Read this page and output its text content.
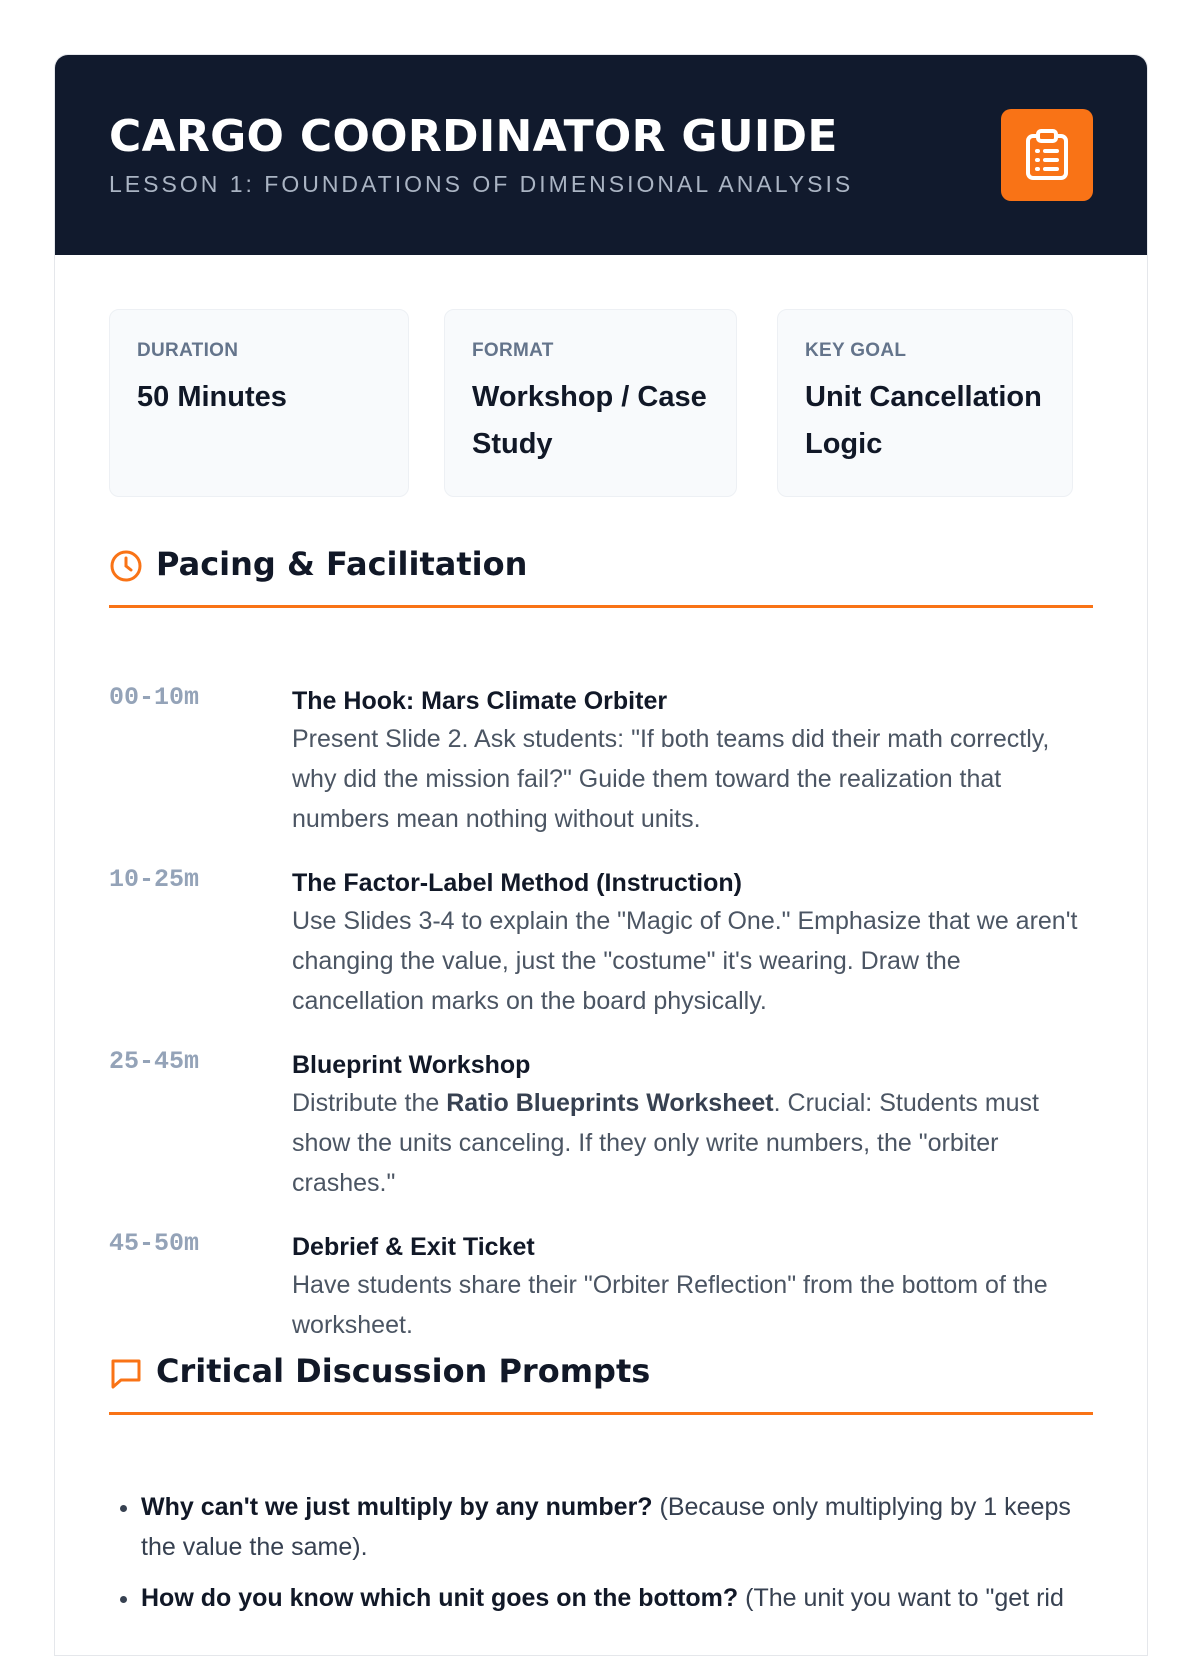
CARGO COORDINATOR GUIDE
LESSON 1: FOUNDATIONS OF DIMENSIONAL ANALYSIS
DURATION
50 Minutes
FORMAT
Workshop / Case Study
KEY GOAL
Unit Cancellation Logic
Pacing & Facilitation
00-10m	The Hook: Mars Climate Orbiter
Present Slide 2. Ask students: "If both teams did their math correctly, why did the mission fail?" Guide them toward the realization that numbers mean nothing without units.
10-25m	The Factor-Label Method (Instruction)
Use Slides 3-4 to explain the "Magic of One." Emphasize that we aren't changing the value, just the "costume" it's wearing. Draw the cancellation marks on the board physically.
25-45m	Blueprint Workshop
Distribute the Ratio Blueprints Worksheet. Crucial: Students must show the units canceling. If they only write numbers, the "orbiter crashes."
45-50m	Debrief & Exit Ticket
Have students share their "Orbiter Reflection" from the bottom of the worksheet.
Critical Discussion Prompts
• Why can't we just multiply by any number? (Because only multiplying by 1 keeps the value the same).
• How do you know which unit goes on the bottom? (The unit you want to "get rid
